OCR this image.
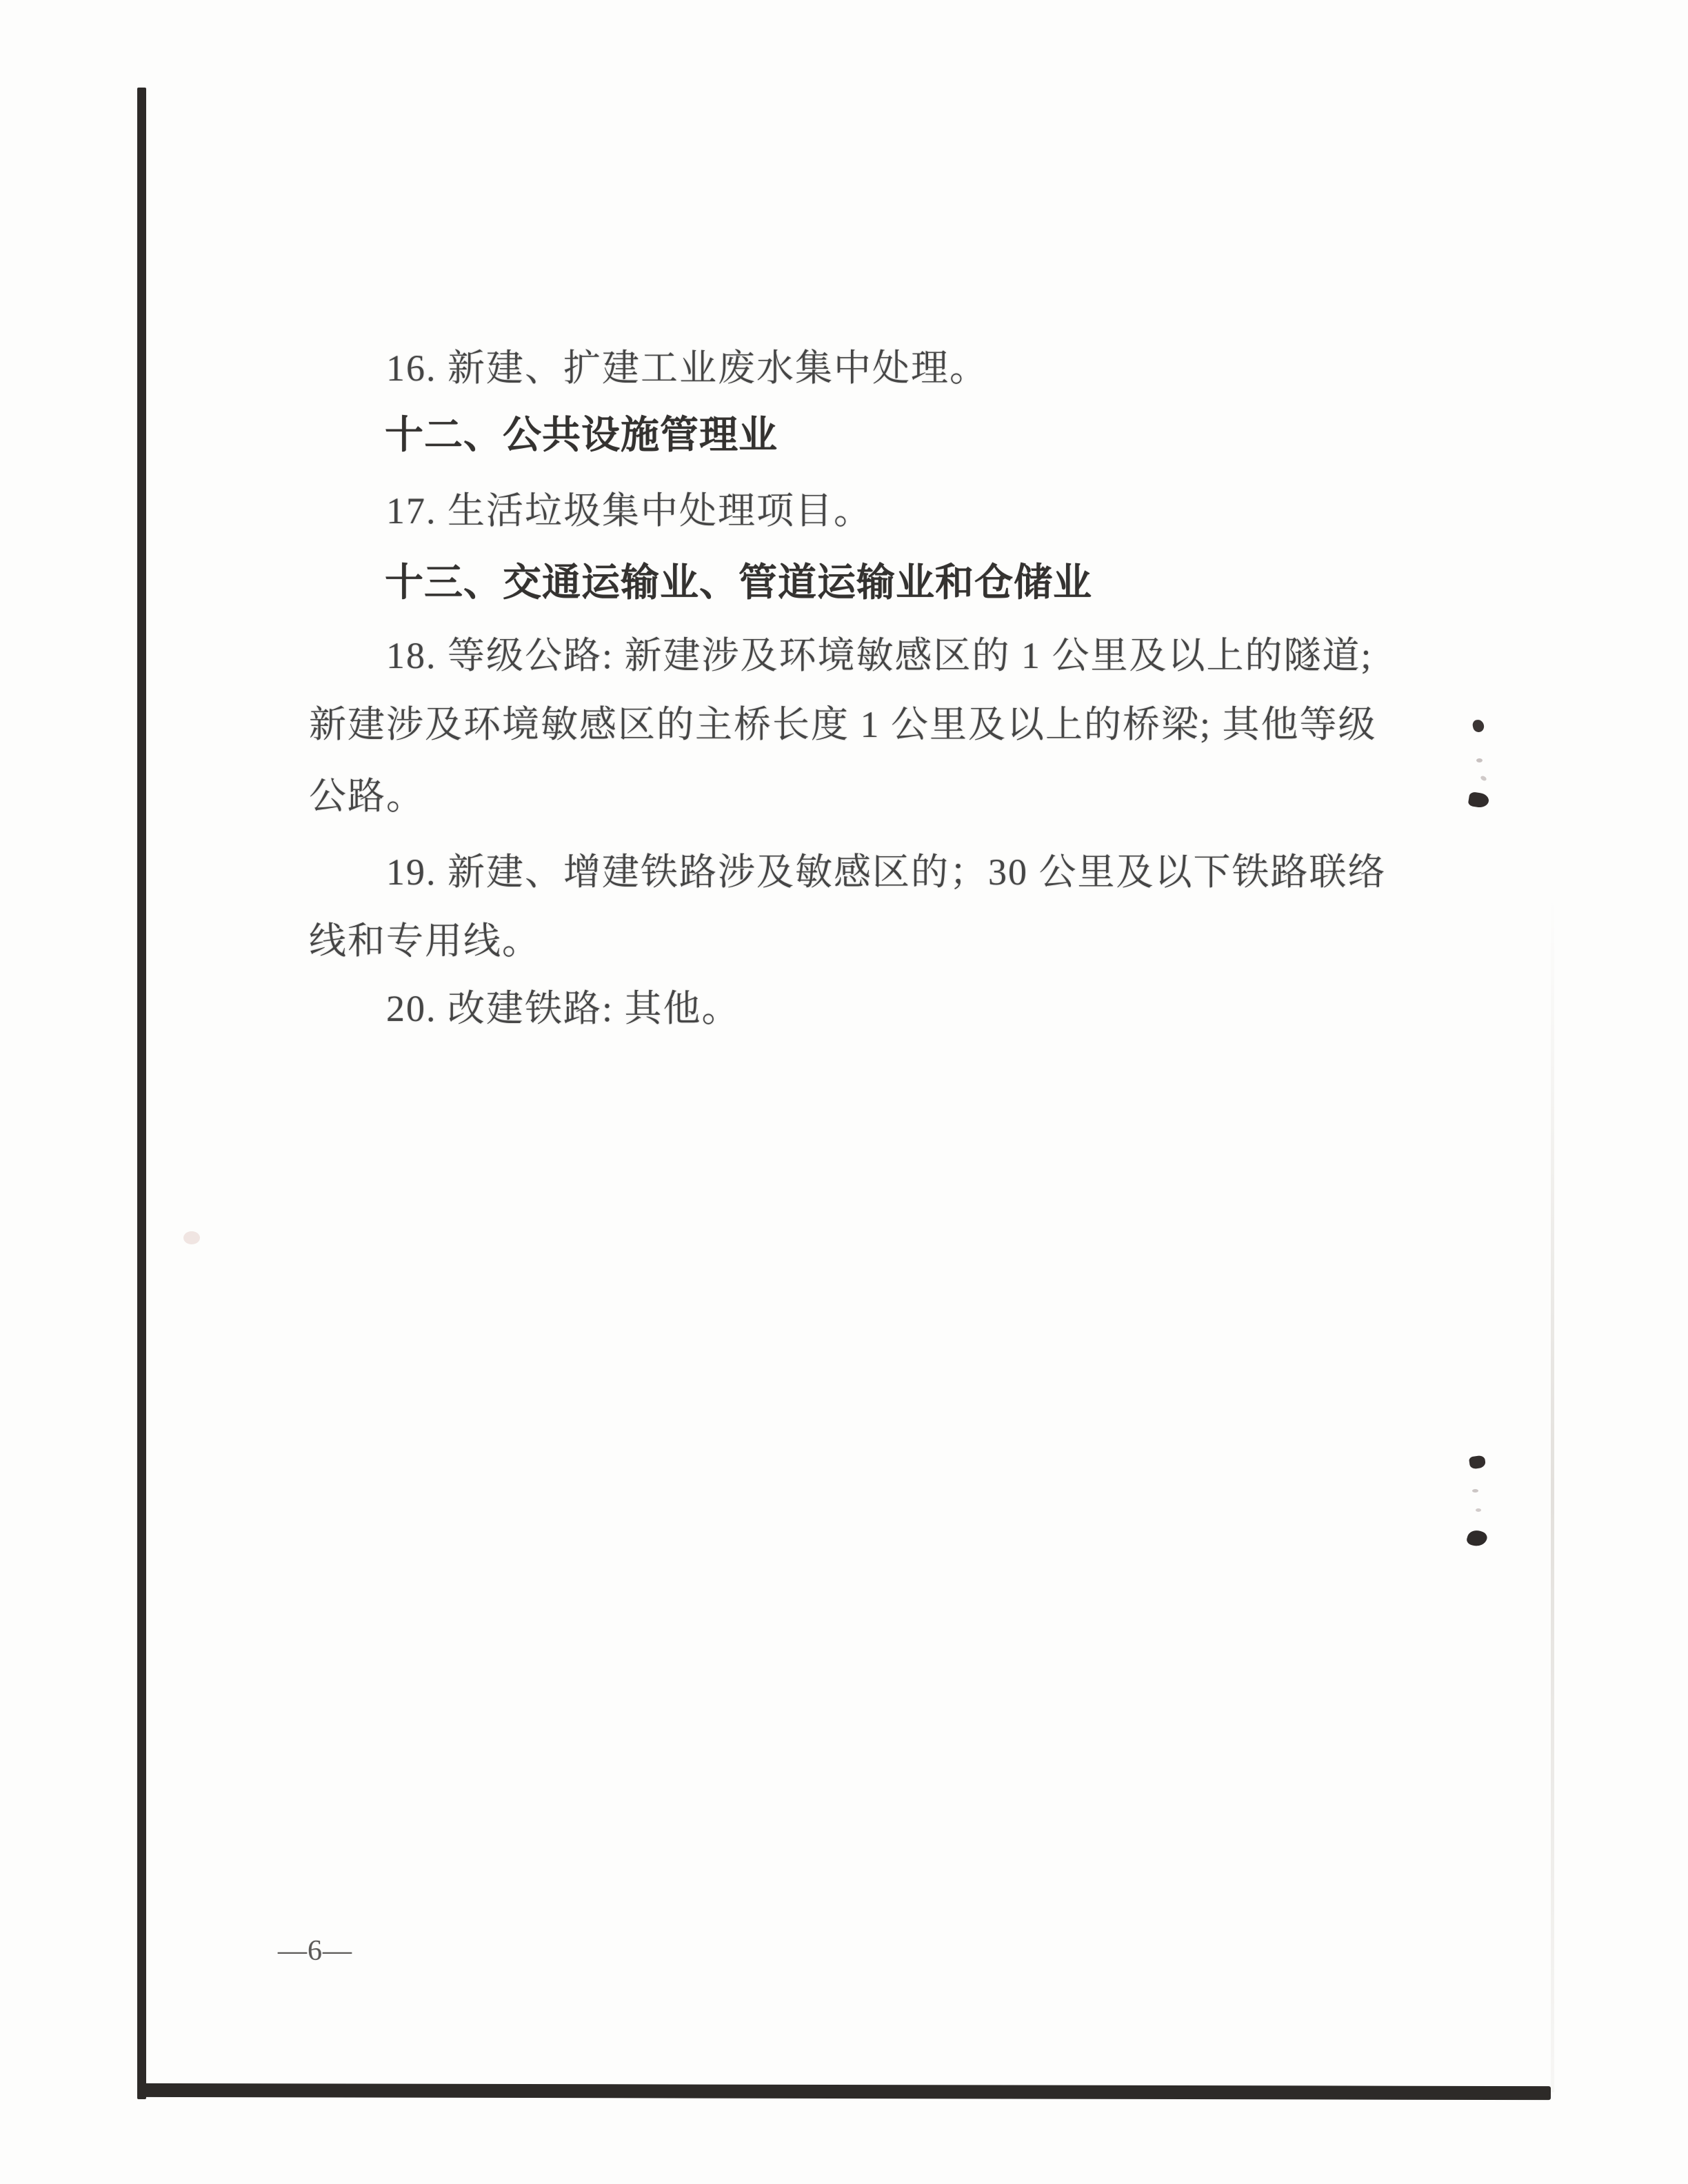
16. 新建、扩建工业废水集中处理。
十二、公共设施管理业
17. 生活垃圾集中处理项目。
十三、交通运输业、管道运输业和仓储业
18. 等级公路: 新建涉及环境敏感区的 1 公里及以上的隧道;
新建涉及环境敏感区的主桥长度 1 公里及以上的桥梁; 其他等级
公路。
19. 新建、增建铁路涉及敏感区的；30 公里及以下铁路联络
线和专用线。
20. 改建铁路: 其他。
—6—
